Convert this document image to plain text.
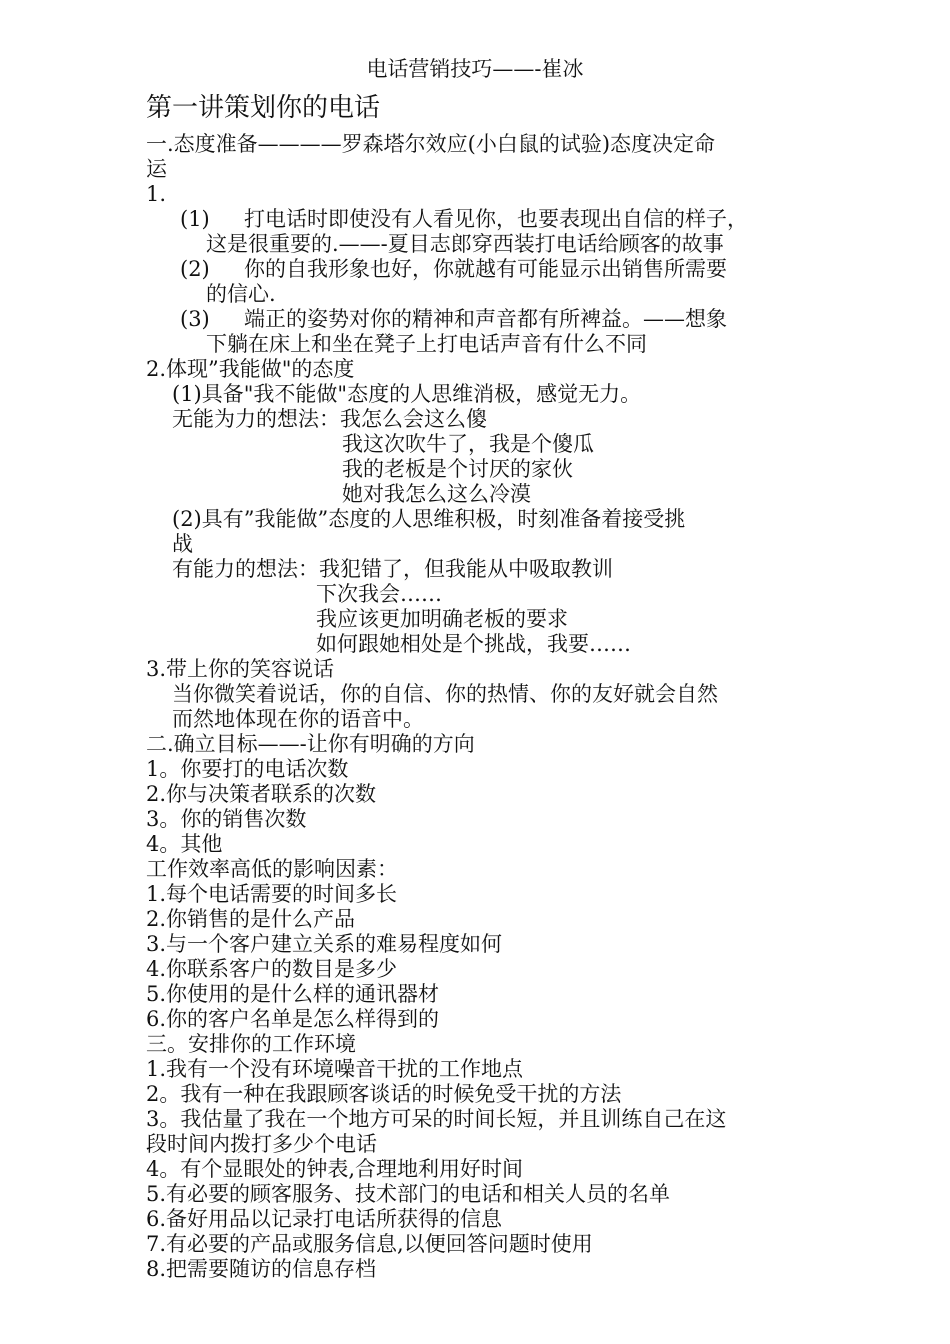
电话营销技巧——-崔冰
第一讲策划你的电话
一.态度准备————罗森塔尔效应(小白鼠的试验)态度决定命
运
1.
(1) 打电话时即使没有人看见你，也要表现出自信的样子，
这是很重要的.——-夏目志郎穿西装打电话给顾客的故事
(2) 你的自我形象也好，你就越有可能显示出销售所需要
的信心.
(3) 端正的姿势对你的精神和声音都有所裨益。——想象
下躺在床上和坐在凳子上打电话声音有什么不同
2.体现”我能做"的态度
(1)具备"我不能做"态度的人思维消极，感觉无力。
无能为力的想法：我怎么会这么傻
我这次吹牛了，我是个傻瓜
我的老板是个讨厌的家伙
她对我怎么这么冷漠
(2)具有”我能做”态度的人思维积极，时刻准备着接受挑
战
有能力的想法：我犯错了，但我能从中吸取教训
下次我会……
我应该更加明确老板的要求
如何跟她相处是个挑战，我要……
3.带上你的笑容说话
当你微笑着说话，你的自信、你的热情、你的友好就会自然
而然地体现在你的语音中。
二.确立目标——-让你有明确的方向
1。你要打的电话次数
2.你与决策者联系的次数
3。你的销售次数
4。其他
工作效率高低的影响因素：
1.每个电话需要的时间多长
2.你销售的是什么产品
3.与一个客户建立关系的难易程度如何
4.你联系客户的数目是多少
5.你使用的是什么样的通讯器材
6.你的客户名单是怎么样得到的
三。安排你的工作环境
1.我有一个没有环境噪音干扰的工作地点
2。我有一种在我跟顾客谈话的时候免受干扰的方法
3。我估量了我在一个地方可呆的时间长短，并且训练自己在这
段时间内拨打多少个电话
4。有个显眼处的钟表,合理地利用好时间
5.有必要的顾客服务、技术部门的电话和相关人员的名单
6.备好用品以记录打电话所获得的信息
7.有必要的产品或服务信息,以便回答问题时使用
8.把需要随访的信息存档
